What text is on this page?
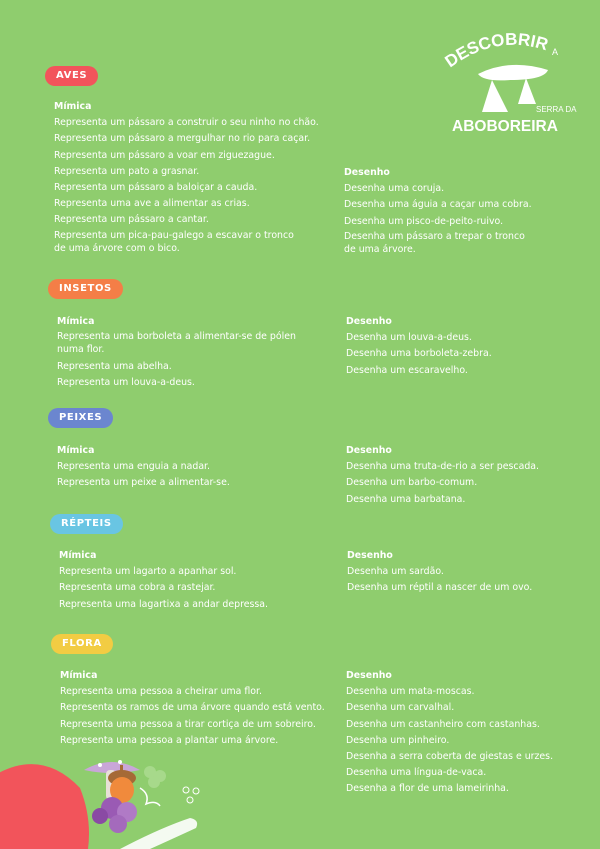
DESCOBRIR A
SERRA DA
ABOBOREIRA
AVES
Mímica
Representa um pássaro a construir o seu ninho no chão.
Representa um pássaro a mergulhar no rio para caçar.
Representa um pássaro a voar em ziguezague.
Representa um pato a grasnar.
Representa um pássaro a baloiçar a cauda.
Representa uma ave a alimentar as crias.
Representa um pássaro a cantar.
Representa um pica-pau-galego a escavar o tronco
de uma árvore com o bico.
Desenho
Desenha uma coruja.
Desenha uma águia a caçar uma cobra.
Desenha um pisco-de-peito-ruivo.
Desenha um pássaro a trepar o tronco
de uma árvore.
INSETOS
Mímica
Representa uma borboleta a alimentar-se de pólen
numa flor.
Representa uma abelha.
Representa um louva-a-deus.
Desenho
Desenha um louva-a-deus.
Desenha uma borboleta-zebra.
Desenha um escaravelho.
PEIXES
Mímica
Representa uma enguia a nadar.
Representa um peixe a alimentar-se.
Desenho
Desenha uma truta-de-rio a ser pescada.
Desenha um barbo-comum.
Desenha uma barbatana.
RÉPTEIS
Mímica
Representa um lagarto a apanhar sol.
Representa uma cobra a rastejar.
Representa uma lagartixa a andar depressa.
Desenho
Desenha um sardão.
Desenha um réptil a nascer de um ovo.
FLORA
Mímica
Representa uma pessoa a cheirar uma flor.
Representa os ramos de uma árvore quando está vento.
Representa uma pessoa a tirar cortiça de um sobreiro.
Representa uma pessoa a plantar uma árvore.
Desenho
Desenha um mata-moscas.
Desenha um carvalhal.
Desenha um castanheiro com castanhas.
Desenha um pinheiro.
Desenha a serra coberta de giestas e urzes.
Desenha uma língua-de-vaca.
Desenha a flor de uma lameirinha.
